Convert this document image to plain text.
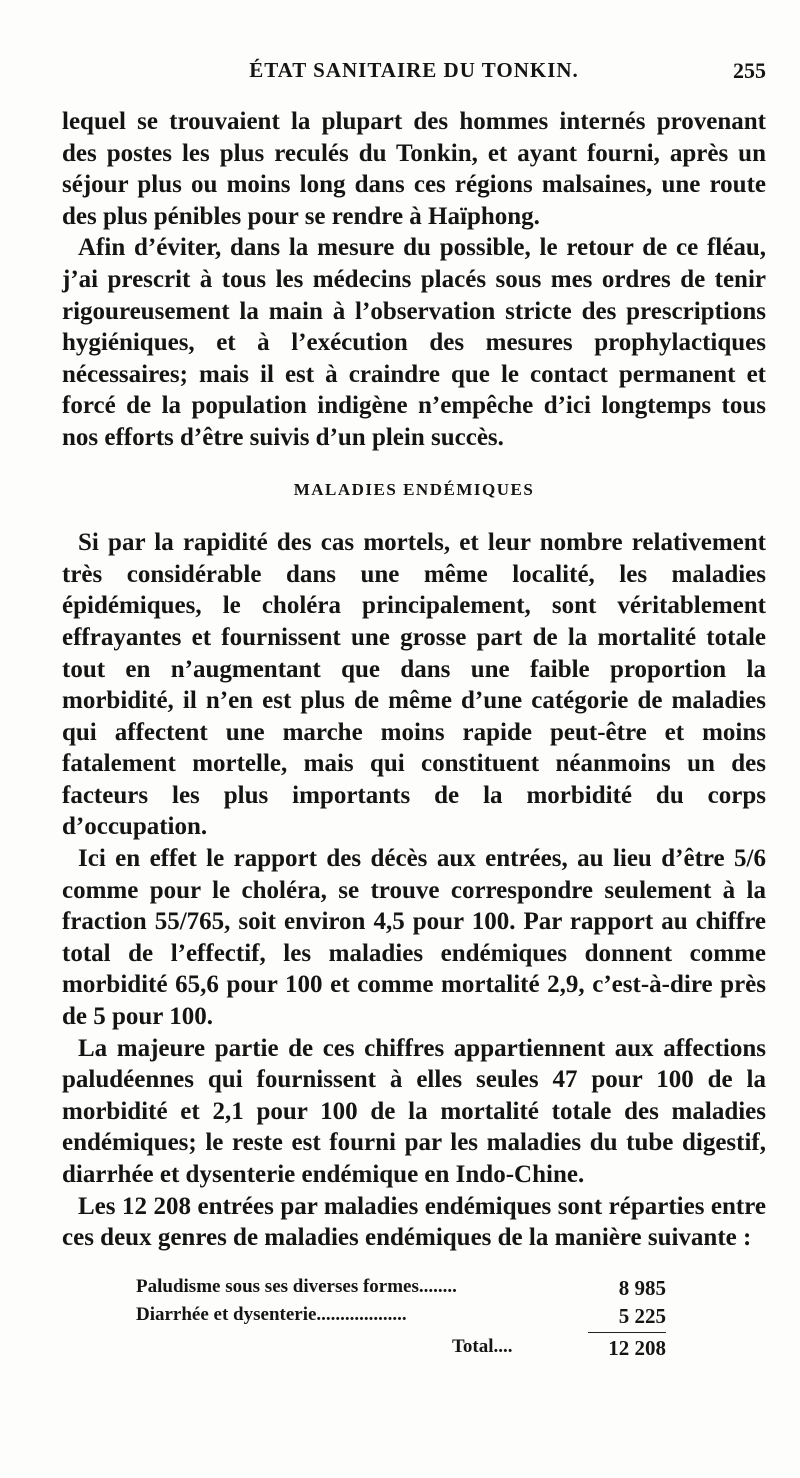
ÉTAT SANITAIRE DU TONKIN.	255

lequel se trouvaient la plupart des hommes internés provenant des postes les plus reculés du Tonkin, et ayant fourni, après un séjour plus ou moins long dans ces régions malsaines, une route des plus pénibles pour se rendre à Haïphong.

Afin d’éviter, dans la mesure du possible, le retour de ce fléau, j’ai prescrit à tous les médecins placés sous mes ordres de tenir rigoureusement la main à l’observation stricte des prescriptions hygiéniques, et à l’exécution des mesures prophylactiques nécessaires; mais il est à craindre que le contact permanent et forcé de la population indigène n’empêche d’ici longtemps tous nos efforts d’être suivis d’un plein succès.

MALADIES ENDÉMIQUES

Si par la rapidité des cas mortels, et leur nombre relativement très considérable dans une même localité, les maladies épidémiques, le choléra principalement, sont véritablement effrayantes et fournissent une grosse part de la mortalité totale tout en n’augmentant que dans une faible proportion la morbidité, il n’en est plus de même d’une catégorie de maladies qui affectent une marche moins rapide peut-être et moins fatalement mortelle, mais qui constituent néanmoins un des facteurs les plus importants de la morbidité du corps d’occupation.

Ici en effet le rapport des décès aux entrées, au lieu d’être 5/6 comme pour le choléra, se trouve correspondre seulement à la fraction 55/765, soit environ 4,5 pour 100. Par rapport au chiffre total de l’effectif, les maladies endémiques donnent comme morbidité 65,6 pour 100 et comme mortalité 2,9, c’est-à-dire près de 5 pour 100.

La majeure partie de ces chiffres appartiennent aux affections paludéennes qui fournissent à elles seules 47 pour 100 de la morbidité et 2,1 pour 100 de la mortalité totale des maladies endémiques; le reste est fourni par les maladies du tube digestif, diarrhée et dysenterie endémique en Indo-Chine.

Les 12 208 entrées par maladies endémiques sont réparties entre ces deux genres de maladies endémiques de la manière suivante :

Paludisme sous ses diverses formes........	8 985
Diarrhée et dysenterie...................	5 225
Total....	12 208
